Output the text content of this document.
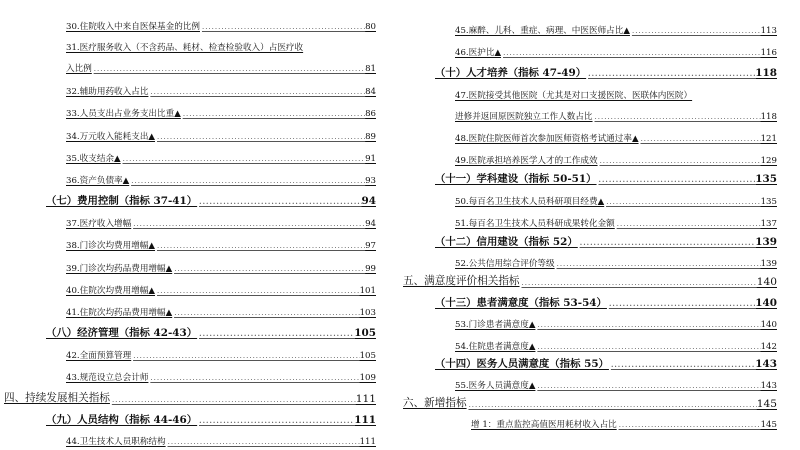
30.住院收入中来自医保基金的比例 .....	80
31.医疗服务收入（不含药品、耗材、检查检验收入）占医疗收
入比例 .....	81
32.辅助用药收入占比 .....	84
33.人员支出占业务支出比重▲ .....	86
34.万元收入能耗支出▲ .....	89
35.收支结余▲ .....	91
36.资产负债率▲ .....	93
（七）费用控制（指标 37-41） .....	94
37.医疗收入增幅 .....	94
38.门诊次均费用增幅▲ .....	97
39.门诊次均药品费用增幅▲ .....	99
40.住院次均费用增幅▲ .....	101
41.住院次均药品费用增幅▲ .....	103
（八）经济管理（指标 42-43） .....	105
42.全面预算管理 .....	105
43.规范设立总会计师 .....	109
四、持续发展相关指标 .....	111
（九）人员结构（指标 44-46） .....	111
44.卫生技术人员职称结构 .....	111
45.麻醉、儿科、重症、病理、中医医师占比▲ .....	113
46.医护比▲ .....	116
（十）人才培养（指标 47-49） .....	118
47.医院接受其他医院（尤其是对口支援医院、医联体内医院）
进修并返回原医院独立工作人数占比 .....	118
48.医院住院医师首次参加医师资格考试通过率▲ .....	121
49.医院承担培养医学人才的工作成效 .....	129
（十一）学科建设（指标 50-51） .....	135
50.每百名卫生技术人员科研项目经费▲ .....	135
51.每百名卫生技术人员科研成果转化金额 .....	137
（十二）信用建设（指标 52） .....	139
52.公共信用综合评价等级 .....	139
五、满意度评价相关指标 .....	140
（十三）患者满意度（指标 53-54） .....	140
53.门诊患者满意度▲ .....	140
54.住院患者满意度▲ .....	142
（十四）医务人员满意度（指标 55） .....	143
55.医务人员满意度▲ .....	143
六、新增指标 .....	145
增 1：重点监控高值医用耗材收入占比 .....	145
